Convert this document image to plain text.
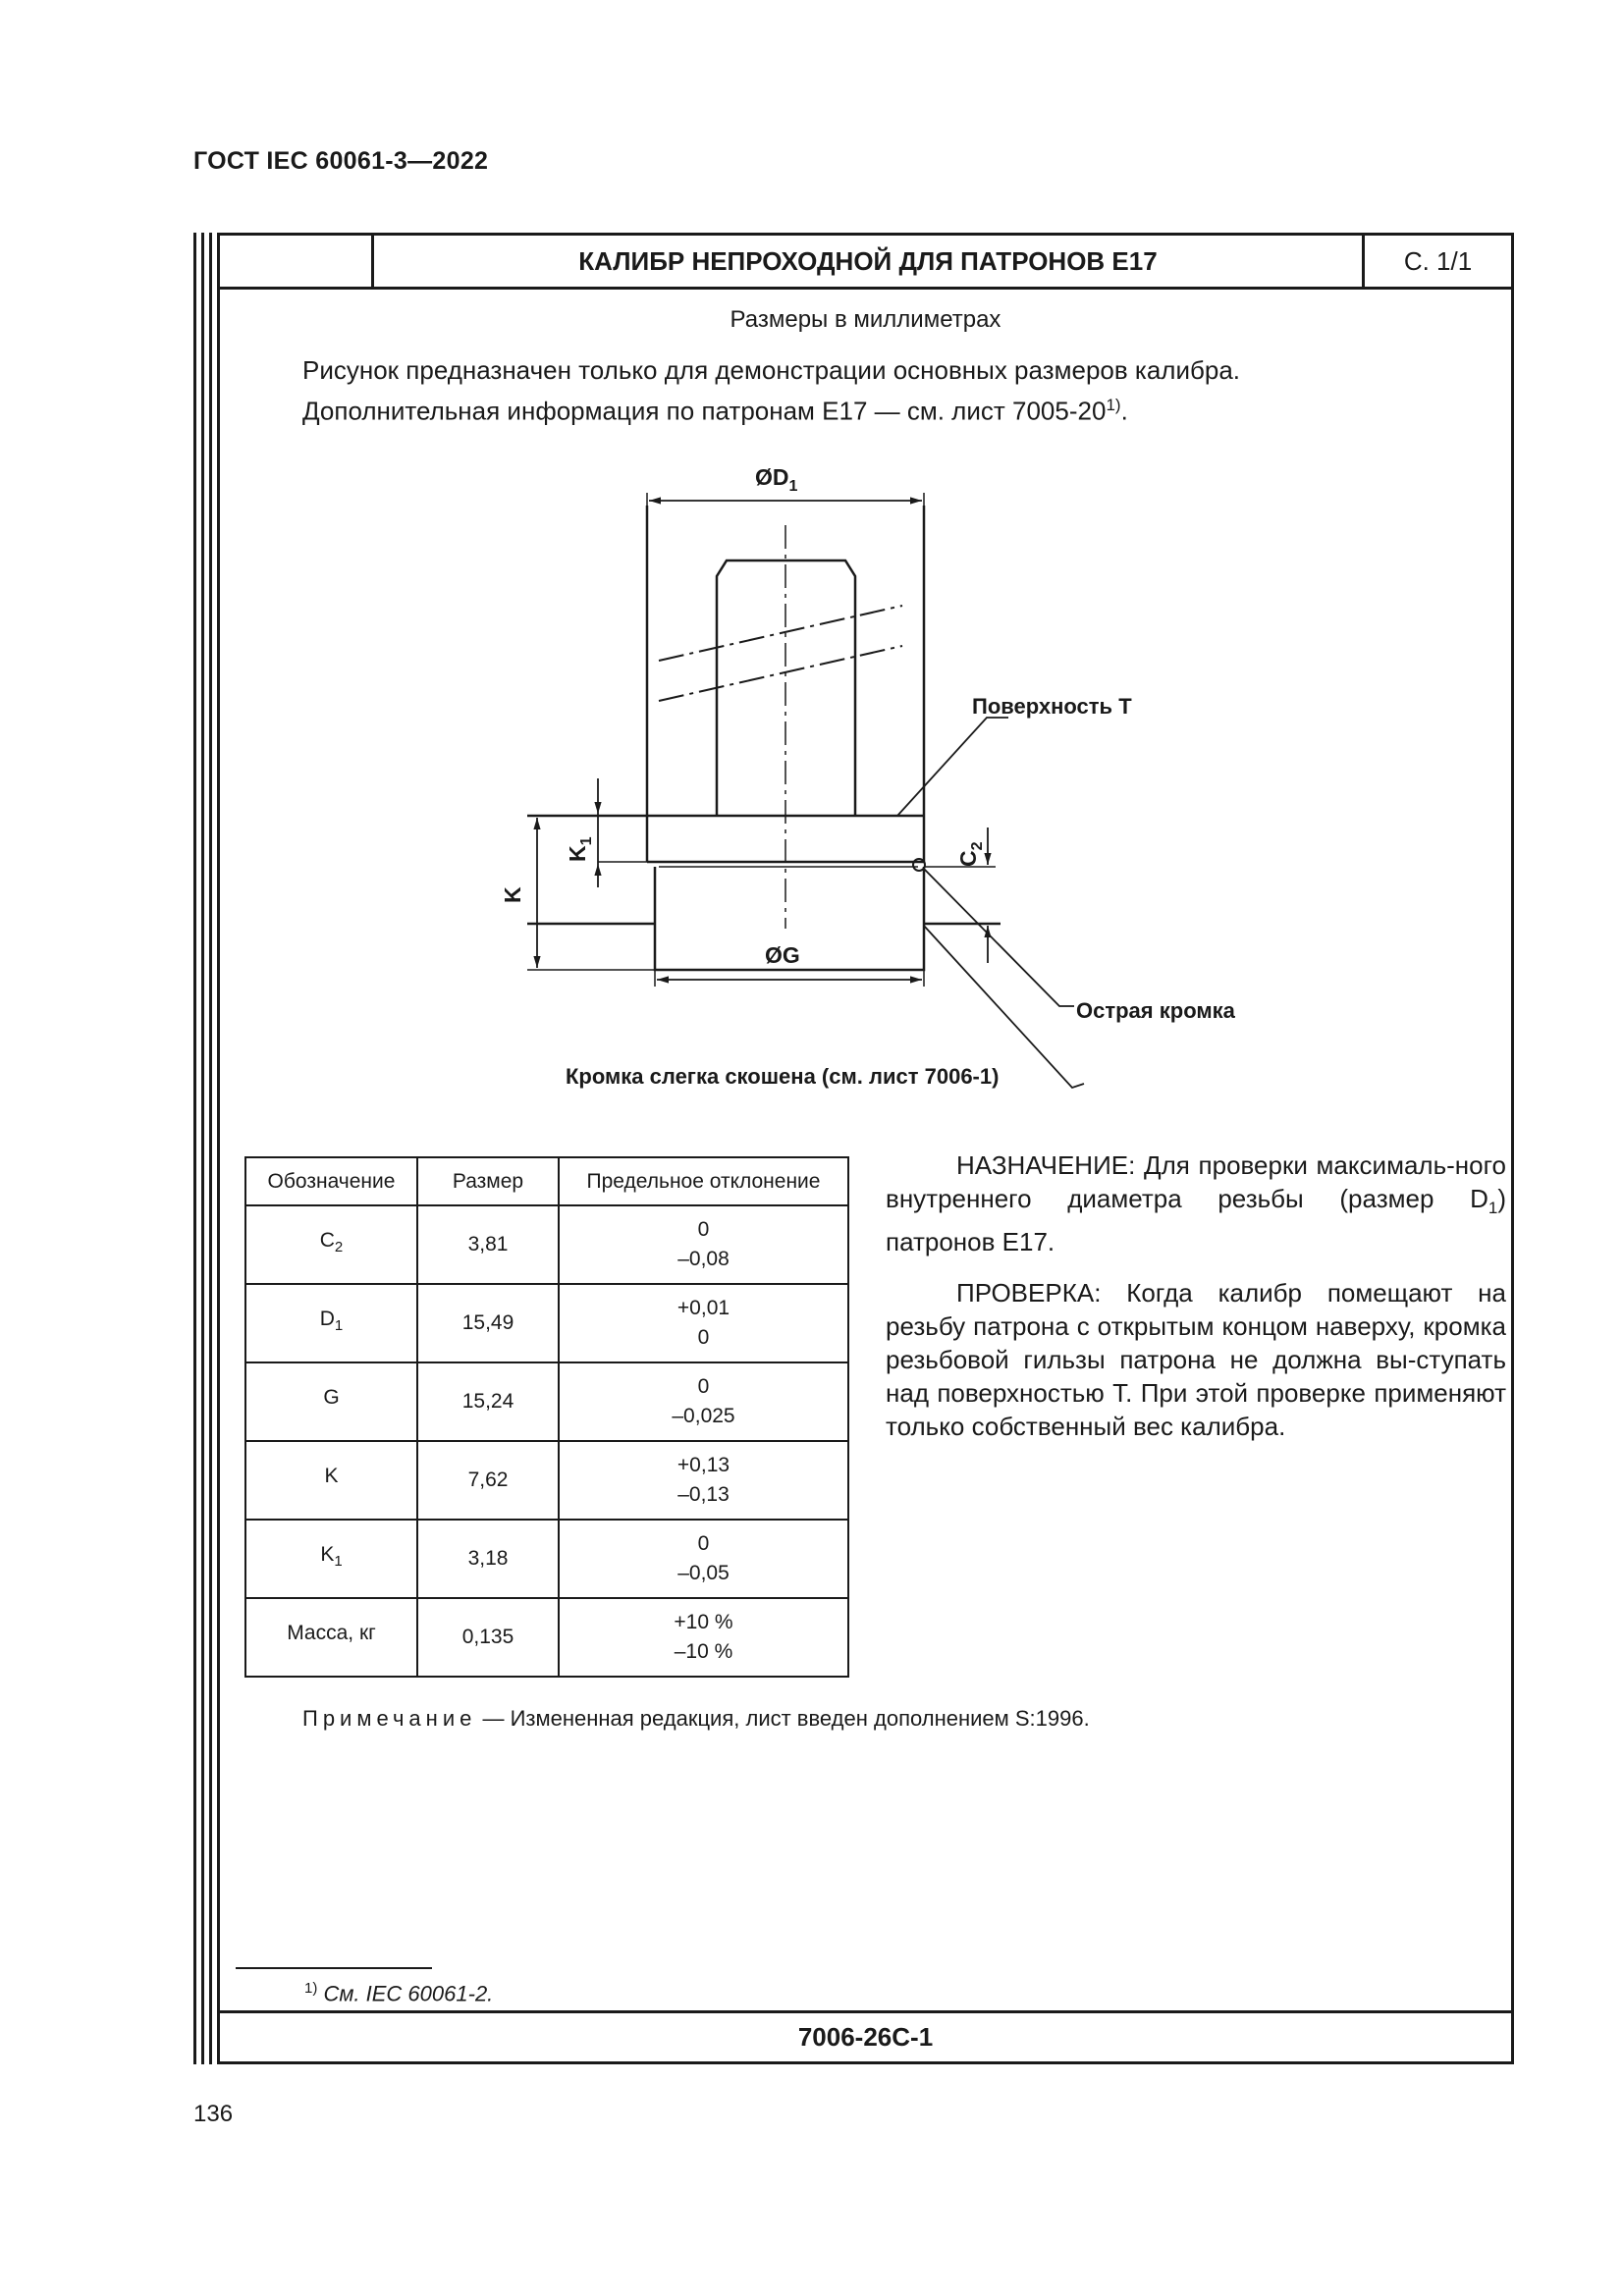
ГОСТ IEC 60061-3—2022
КАЛИБР НЕПРОХОДНОЙ ДЛЯ ПАТРОНОВ Е17	С. 1/1
Размеры в миллиметрах
Рисунок предназначен только для демонстрации основных размеров калибра.
Дополнительная информация по патронам Е17 — см. лист 7005-20$^{1)}$.
$ØD_1$
ØG
K
$K_1$
$C_2$
Поверхность T
Острая кромка
Кромка слегка скошена (см. лист 7006-1)
Обозначение	Размер	Предельное отклонение
$C_2$	3,81	0
–0,08

$D_1$	15,49	+0,01
0

G	15,24	0
–0,025

K	7,62	+0,13
–0,13

$K_1$	3,18	0
–0,05

Масса, кг	0,135	+10 %
–10 %

НАЗНАЧЕНИЕ: Для проверки максималь-ного внутреннего диаметра резьбы (размер $D_1$) патронов Е17.

ПРОВЕРКА: Когда калибр помещают на резьбу патрона с открытым концом наверху, кромка резьбовой гильзы патрона не должна вы-ступать над поверхностью T. При этой проверке применяют только собственный вес калибра.

Примечание — Измененная редакция, лист введен дополнением S:1996.
$^{1)}$ См. IEC 60061-2.
7006-26С-1
136
